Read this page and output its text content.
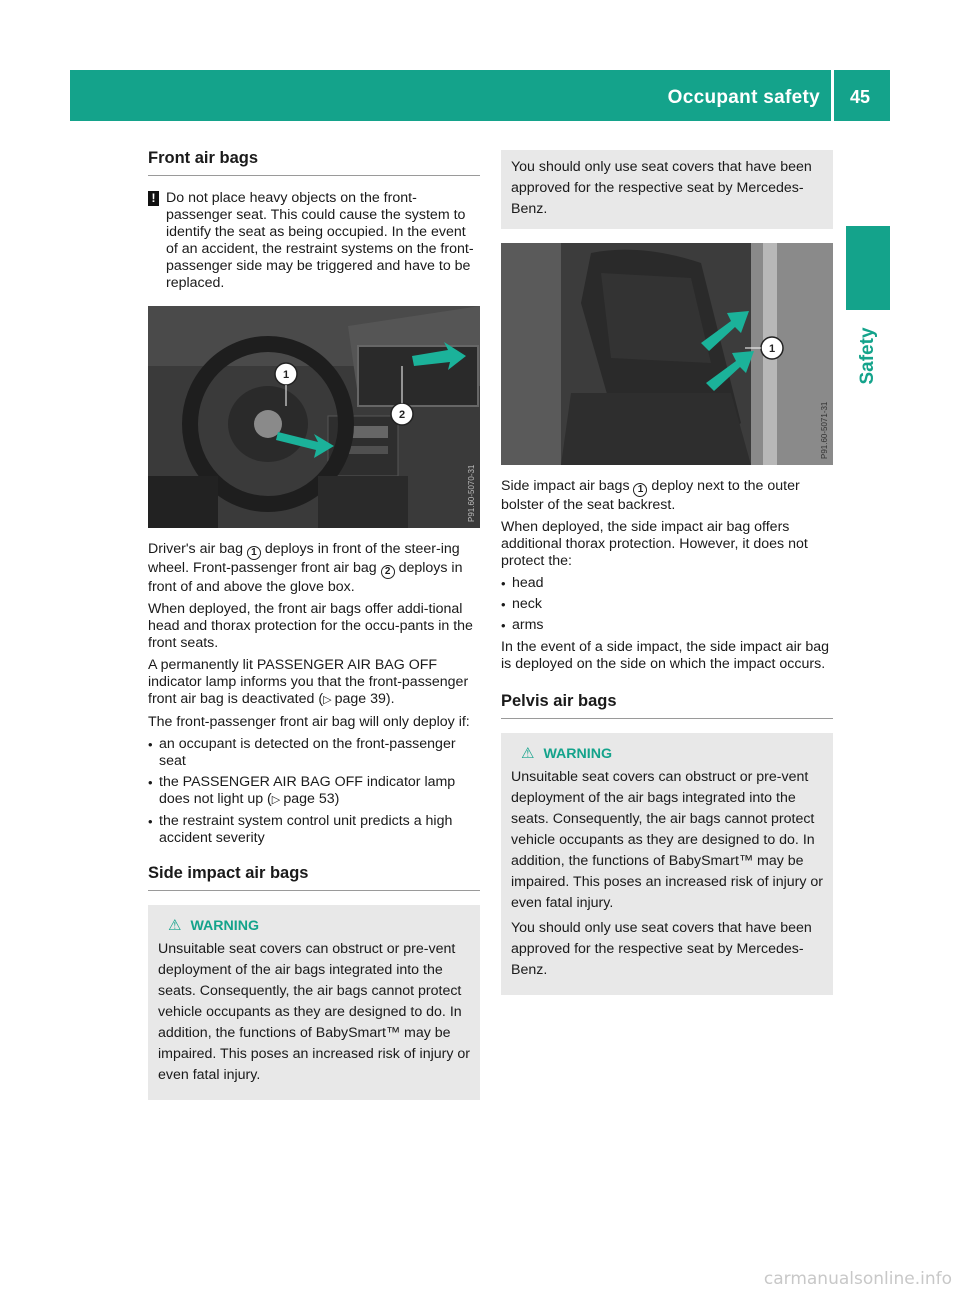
Occupant safety 45
Safety
Front air bags
! Do not place heavy objects on the front-passenger seat. This could cause the system to identify the seat as being occupied. In the event of an accident, the restraint systems on the front-passenger side may be triggered and have to be replaced.
1
2
P91.60-5070-31

Driver's air bag 1 deploys in front of the steer-ing wheel. Front-passenger front air bag 2 deploys in front of and above the glove box.

When deployed, the front air bags offer addi-tional head and thorax protection for the occu-pants in the front seats.

A permanently lit PASSENGER AIR BAG OFF indicator lamp informs you that the front-passenger front air bag is deactivated (▷ page 39).

The front-passenger front air bag will only deploy if:

• an occupant is detected on the front-passenger seat
• the PASSENGER AIR BAG OFF indicator lamp does not light up (▷ page 53)
• the restraint system control unit predicts a high accident severity
Side impact air bags
⚠ WARNING

Unsuitable seat covers can obstruct or pre-vent deployment of the air bags integrated into the seats. Consequently, the air bags cannot protect vehicle occupants as they are designed to do. In addition, the functions of BabySmart™ may be impaired. This poses an increased risk of injury or even fatal injury.

You should only use seat covers that have been approved for the respective seat by Mercedes-Benz.
1
P91.60-5071-31

Side impact air bags 1 deploy next to the outer bolster of the seat backrest.

When deployed, the side impact air bag offers additional thorax protection. However, it does not protect the:

• head
• neck
• arms

In the event of a side impact, the side impact air bag is deployed on the side on which the impact occurs.

Pelvis air bags
⚠ WARNING

Unsuitable seat covers can obstruct or pre-vent deployment of the air bags integrated into the seats. Consequently, the air bags cannot protect vehicle occupants as they are designed to do. In addition, the functions of BabySmart™ may be impaired. This poses an increased risk of injury or even fatal injury.

You should only use seat covers that have been approved for the respective seat by Mercedes-Benz.

carmanualsonline.info
